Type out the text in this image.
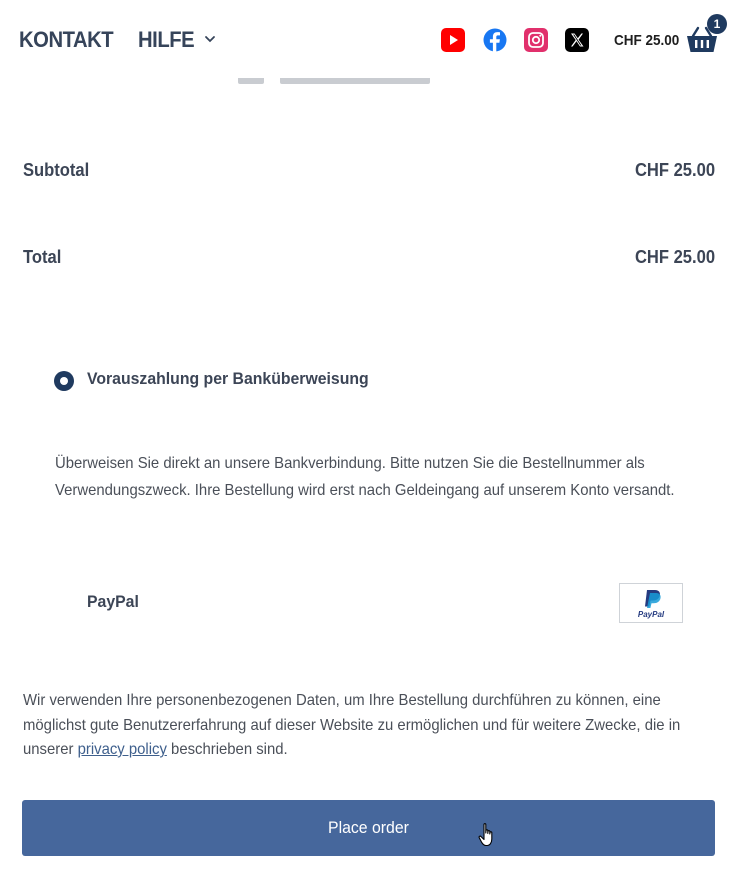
KONTAKT HILFE	CHF 25.00
1
Subtotal	CHF 25.00
Total	CHF 25.00
Vorauszahlung per Banküberweisung

Überweisen Sie direkt an unsere Bankverbindung. Bitte nutzen Sie die Bestellnummer als Verwendungszweck. Ihre Bestellung wird erst nach Geldeingang auf unserem Konto versandt.

PayPal
PayPal

Wir verwenden Ihre personenbezogenen Daten, um Ihre Bestellung durchführen zu können, eine möglichst gute Benutzererfahrung auf dieser Website zu ermöglichen und für weitere Zwecke, die in unserer privacy policy beschrieben sind.

Place order
